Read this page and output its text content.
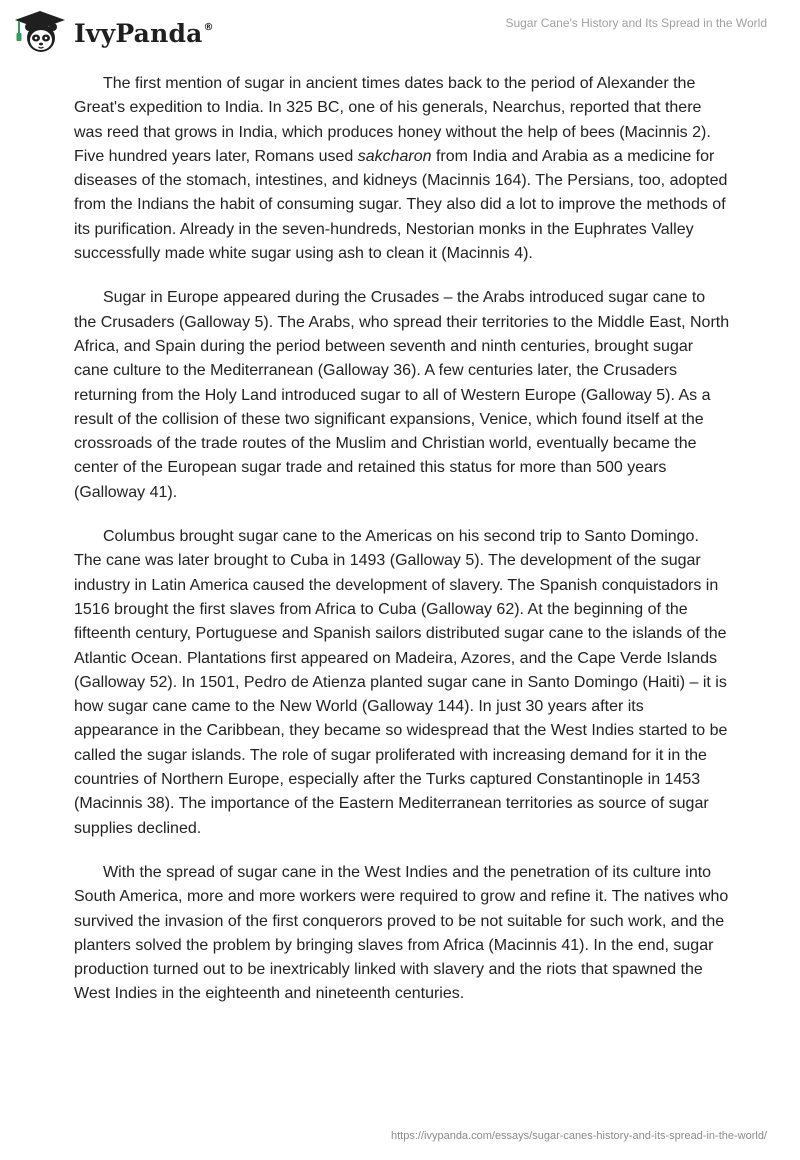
IvyPanda®	Sugar Cane's History and Its Spread in the World

The first mention of sugar in ancient times dates back to the period of Alexander the Great's expedition to India. In 325 BC, one of his generals, Nearchus, reported that there was reed that grows in India, which produces honey without the help of bees (Macinnis 2). Five hundred years later, Romans used sakcharon from India and Arabia as a medicine for diseases of the stomach, intestines, and kidneys (Macinnis 164). The Persians, too, adopted from the Indians the habit of consuming sugar. They also did a lot to improve the methods of its purification. Already in the seven-hundreds, Nestorian monks in the Euphrates Valley successfully made white sugar using ash to clean it (Macinnis 4).

Sugar in Europe appeared during the Crusades – the Arabs introduced sugar cane to the Crusaders (Galloway 5). The Arabs, who spread their territories to the Middle East, North Africa, and Spain during the period between seventh and ninth centuries, brought sugar cane culture to the Mediterranean (Galloway 36). A few centuries later, the Crusaders returning from the Holy Land introduced sugar to all of Western Europe (Galloway 5). As a result of the collision of these two significant expansions, Venice, which found itself at the crossroads of the trade routes of the Muslim and Christian world, eventually became the center of the European sugar trade and retained this status for more than 500 years (Galloway 41).

Columbus brought sugar cane to the Americas on his second trip to Santo Domingo. The cane was later brought to Cuba in 1493 (Galloway 5). The development of the sugar industry in Latin America caused the development of slavery. The Spanish conquistadors in 1516 brought the first slaves from Africa to Cuba (Galloway 62). At the beginning of the fifteenth century, Portuguese and Spanish sailors distributed sugar cane to the islands of the Atlantic Ocean. Plantations first appeared on Madeira, Azores, and the Cape Verde Islands (Galloway 52). In 1501, Pedro de Atienza planted sugar cane in Santo Domingo (Haiti) – it is how sugar cane came to the New World (Galloway 144). In just 30 years after its appearance in the Caribbean, they became so widespread that the West Indies started to be called the sugar islands. The role of sugar proliferated with increasing demand for it in the countries of Northern Europe, especially after the Turks captured Constantinople in 1453 (Macinnis 38). The importance of the Eastern Mediterranean territories as source of sugar supplies declined.

With the spread of sugar cane in the West Indies and the penetration of its culture into South America, more and more workers were required to grow and refine it. The natives who survived the invasion of the first conquerors proved to be not suitable for such work, and the planters solved the problem by bringing slaves from Africa (Macinnis 41). In the end, sugar production turned out to be inextricably linked with slavery and the riots that spawned the West Indies in the eighteenth and nineteenth centuries.

https://ivypanda.com/essays/sugar-canes-history-and-its-spread-in-the-world/
